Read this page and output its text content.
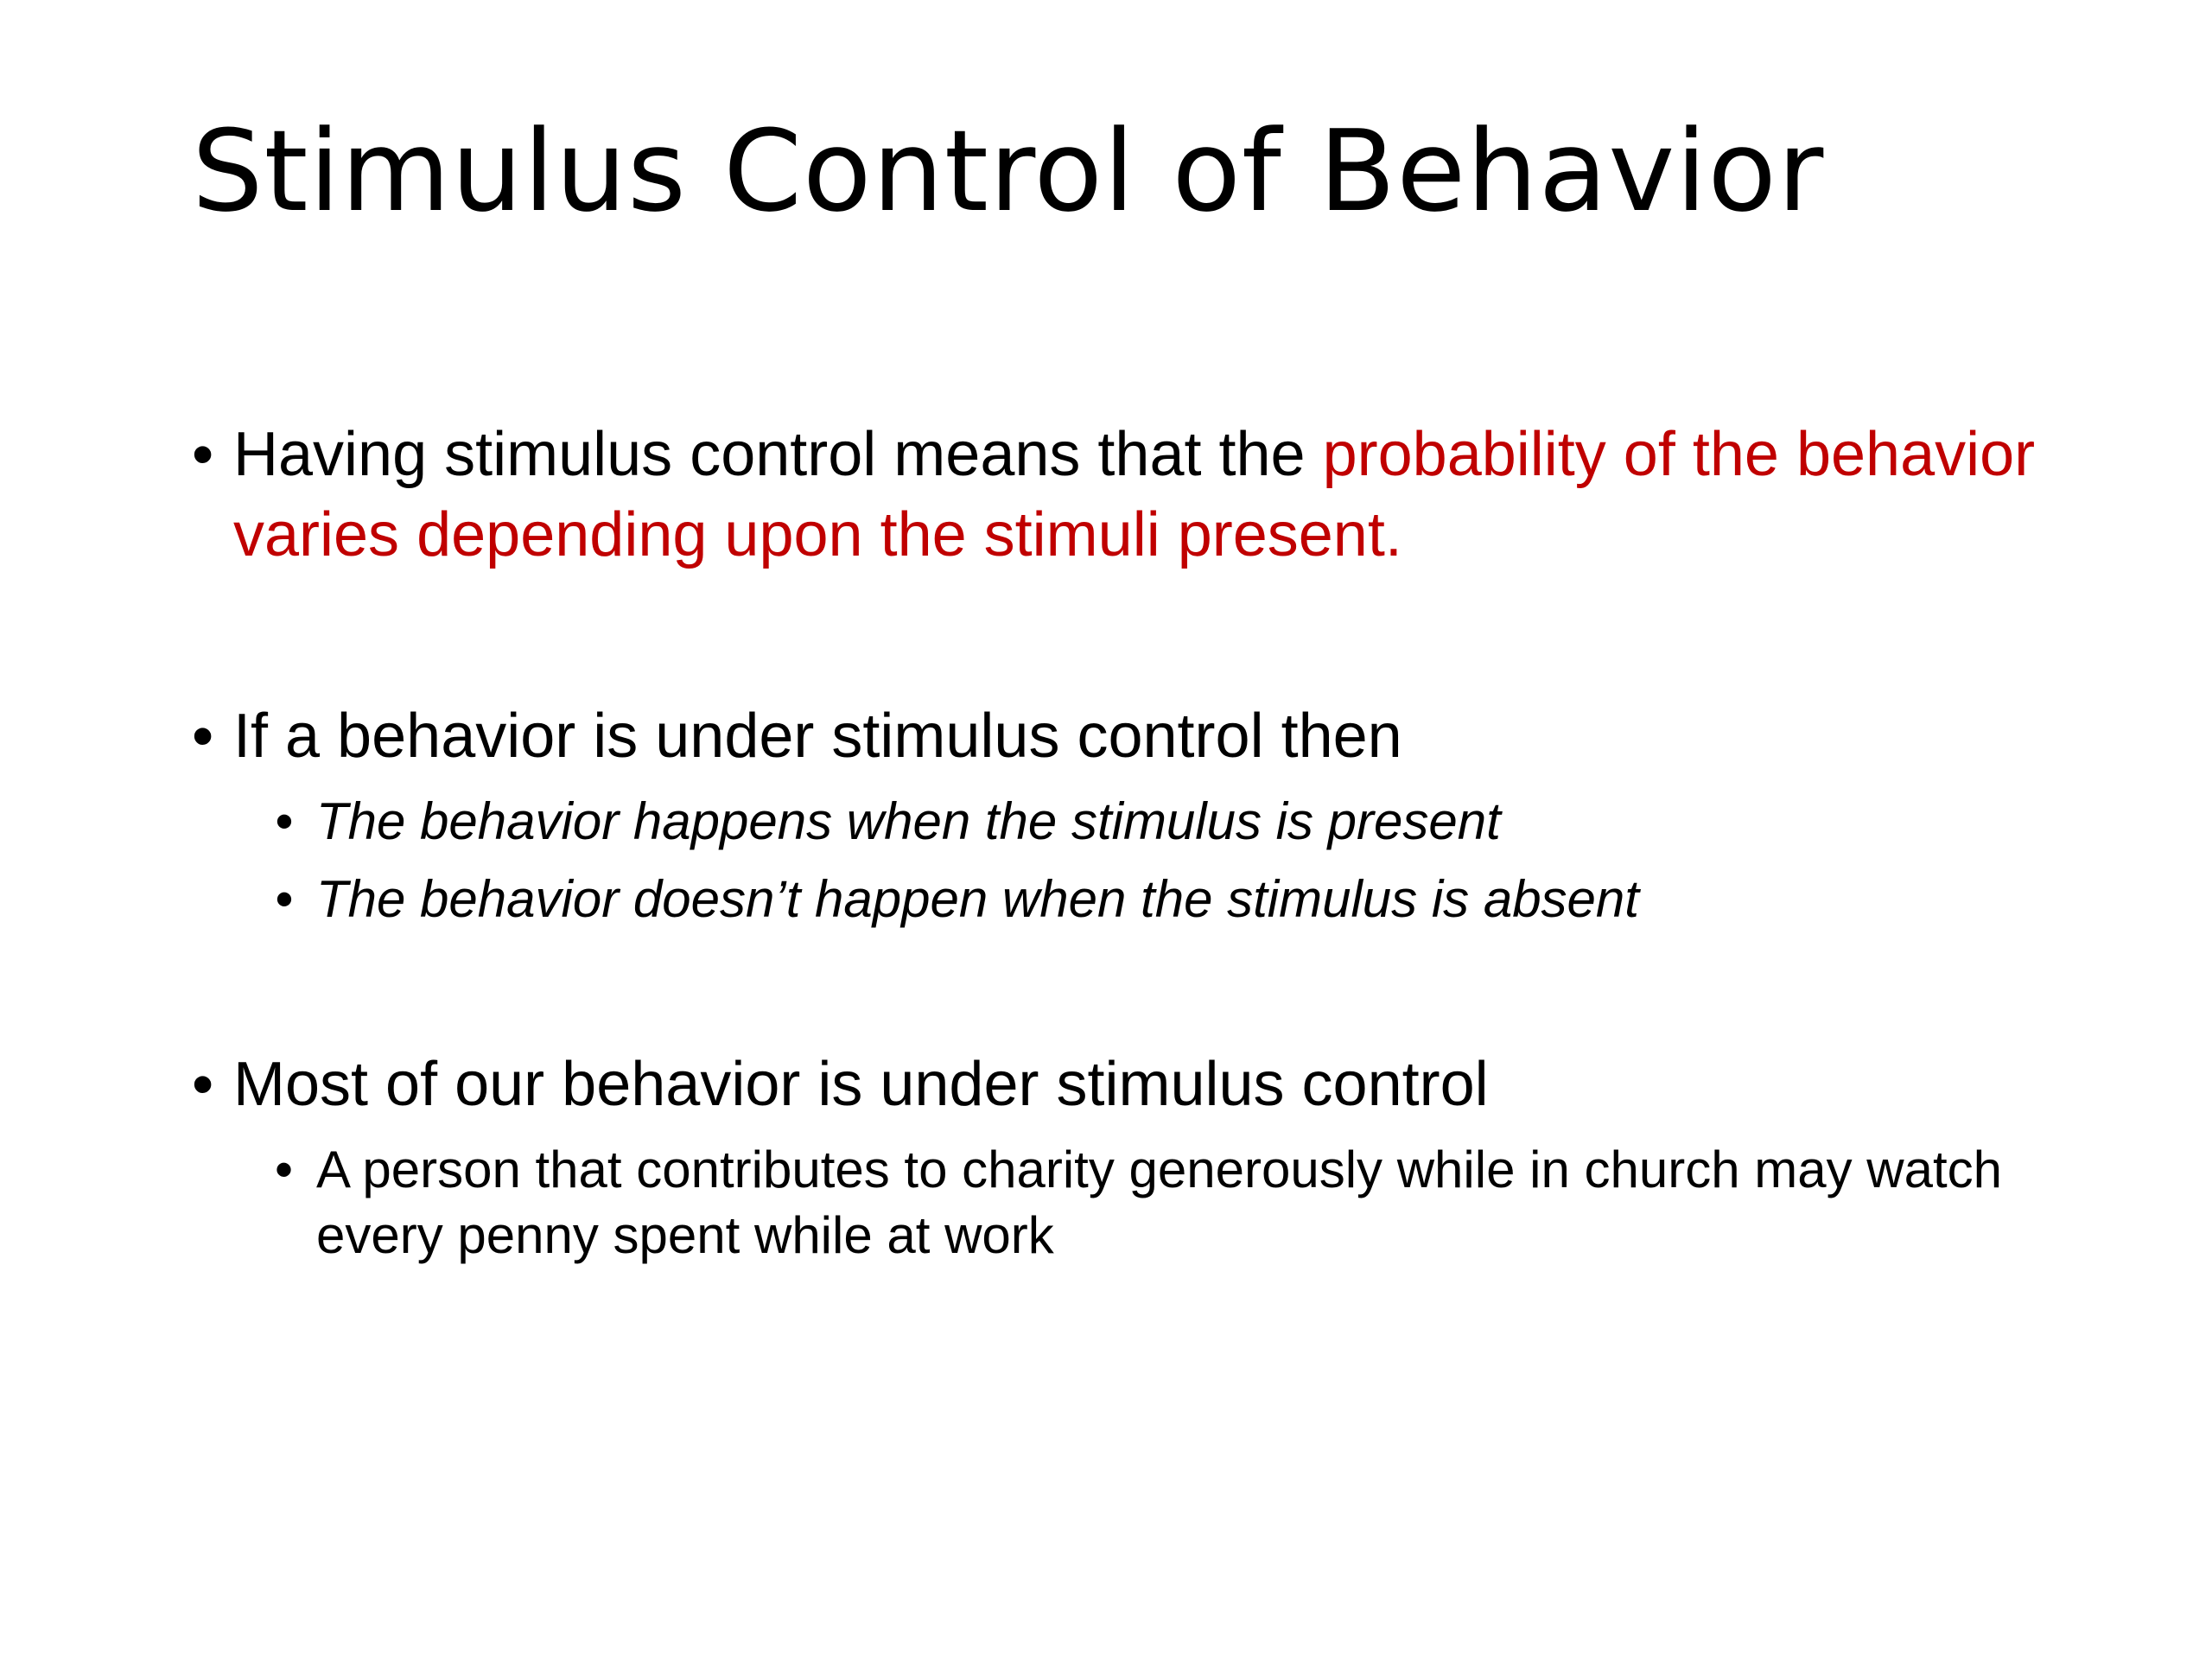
Stimulus Control of Behavior
• Having stimulus control means that the probability of the behavior varies depending upon the stimuli present.
• If a behavior is under stimulus control then
• The behavior happens when the stimulus is present
• The behavior doesn’t happen when the stimulus is absent
• Most of our behavior is under stimulus control
• A person that contributes to charity generously while in church may watch every penny spent while at work
